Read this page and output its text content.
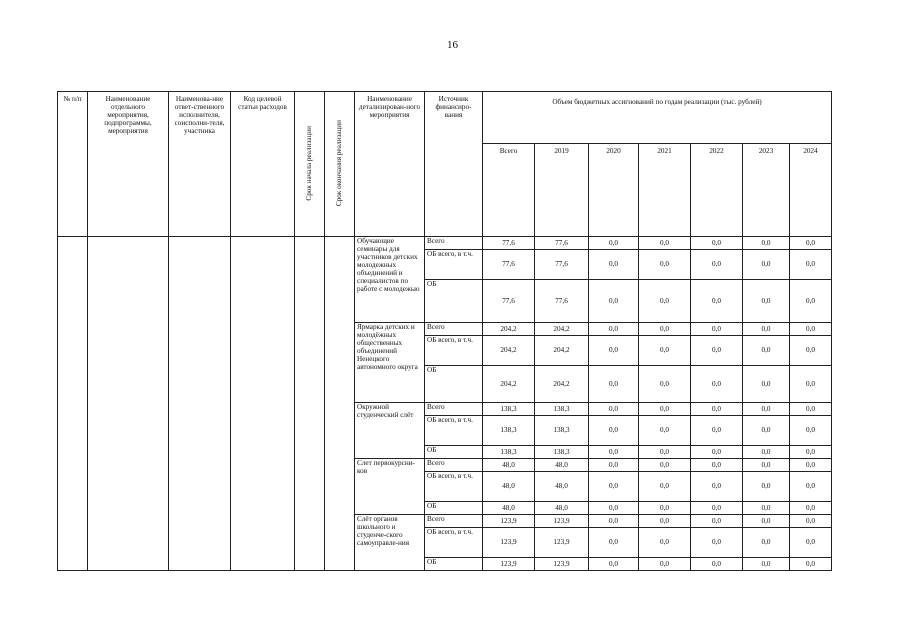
16
№ п/п	Наименование отдельного мероприятия, подпрограммы, мероприятия	Наименова-ние ответ-ственного исполнителя, соисполни-теля, участника	Код целевой статьи расходов	Срок начала реализации	Срок окончания реализации	Наименование детализирован-ного мероприятия	Источник финансиро-вания	Объем бюджетных ассигнований по годам реализации (тыс. рублей)						
								Всего	2019	2020	2021	2022	2023	2024
						Обучающие семинары для участников детских молодежных объединений и специалистов по работе с молодежью	Всего	77,6	77,6	0,0	0,0	0,0	0,0	0,0
							ОБ всего, в т.ч.	77,6	77,6	0,0	0,0	0,0	0,0	0,0
							ОБ	77,6	77,6	0,0	0,0	0,0	0,0	0,0
						Ярмарка детских и молодёжных общественных объединений Ненецкого автономного округа	Всего	204,2	204,2	0,0	0,0	0,0	0,0	0,0
							ОБ всего, в т.ч.	204,2	204,2	0,0	0,0	0,0	0,0	0,0
							ОБ	204,2	204,2	0,0	0,0	0,0	0,0	0,0
						Окружной студенческий слёт	Всего	138,3	138,3	0,0	0,0	0,0	0,0	0,0
							ОБ всего, в т.ч.	138,3	138,3	0,0	0,0	0,0	0,0	0,0
							ОБ	138,3	138,3	0,0	0,0	0,0	0,0	0,0
						Слет первокурсни-ков	Всего	48,0	48,0	0,0	0,0	0,0	0,0	0,0
							ОБ всего, в т.ч.	48,0	48,0	0,0	0,0	0,0	0,0	0,0
							ОБ	48,0	48,0	0,0	0,0	0,0	0,0	0,0
						Слёт органов школьного и студенче-ского самоуправле-ния	Всего	123,9	123,9	0,0	0,0	0,0	0,0	0,0
							ОБ всего, в т.ч.	123,9	123,9	0,0	0,0	0,0	0,0	0,0
							ОБ	123,9	123,9	0,0	0,0	0,0	0,0	0,0
